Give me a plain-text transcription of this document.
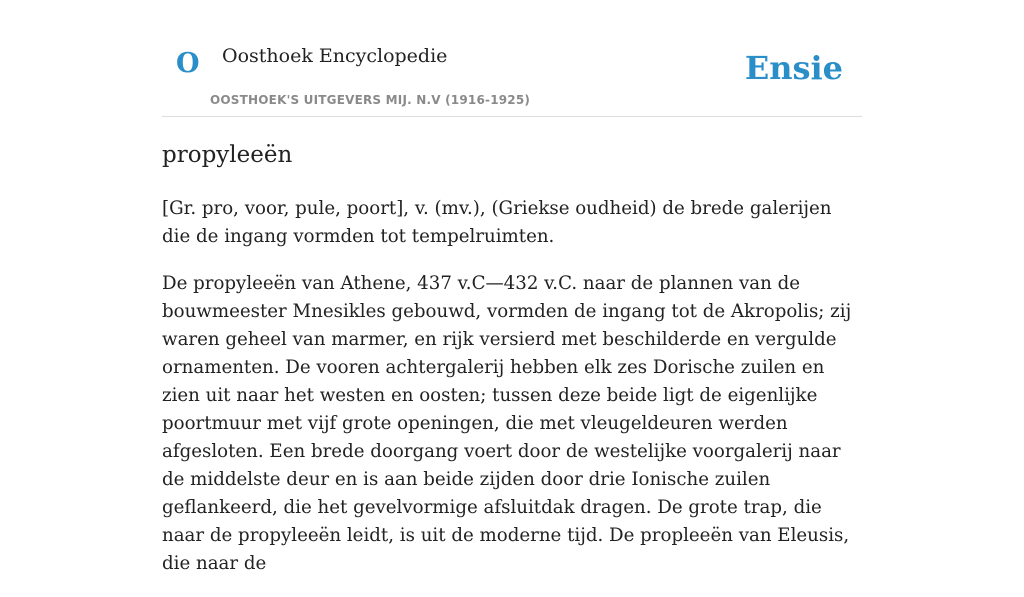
O Oosthoek Encyclopedie
OOSTHOEK'S UITGEVERS MIJ. N.V (1916-1925)
Ensie
propyleeën

[Gr. pro, voor, pule, poort], v. (mv.), (Griekse oudheid) de brede galerijen die de ingang vormden tot tempelruimten.

De propyleeën van Athene, 437 v.C—432 v.C. naar de plannen van de bouwmeester Mnesikles gebouwd, vormden de ingang tot de Akropolis; zij waren geheel van marmer, en rijk versierd met beschilderde en vergulde ornamenten. De vooren achtergalerij hebben elk zes Dorische zuilen en zien uit naar het westen en oosten; tussen deze beide ligt de eigenlijke poortmuur met vijf grote openingen, die met vleugeldeuren werden afgesloten. Een brede doorgang voert door de westelijke voorgalerij naar de middelste deur en is aan beide zijden door drie Ionische zuilen geflankeerd, die het gevelvormige afsluitdak dragen. De grote trap, die naar de propyleeën leidt, is uit de moderne tijd. De propleeën van Eleusis, die naar de
